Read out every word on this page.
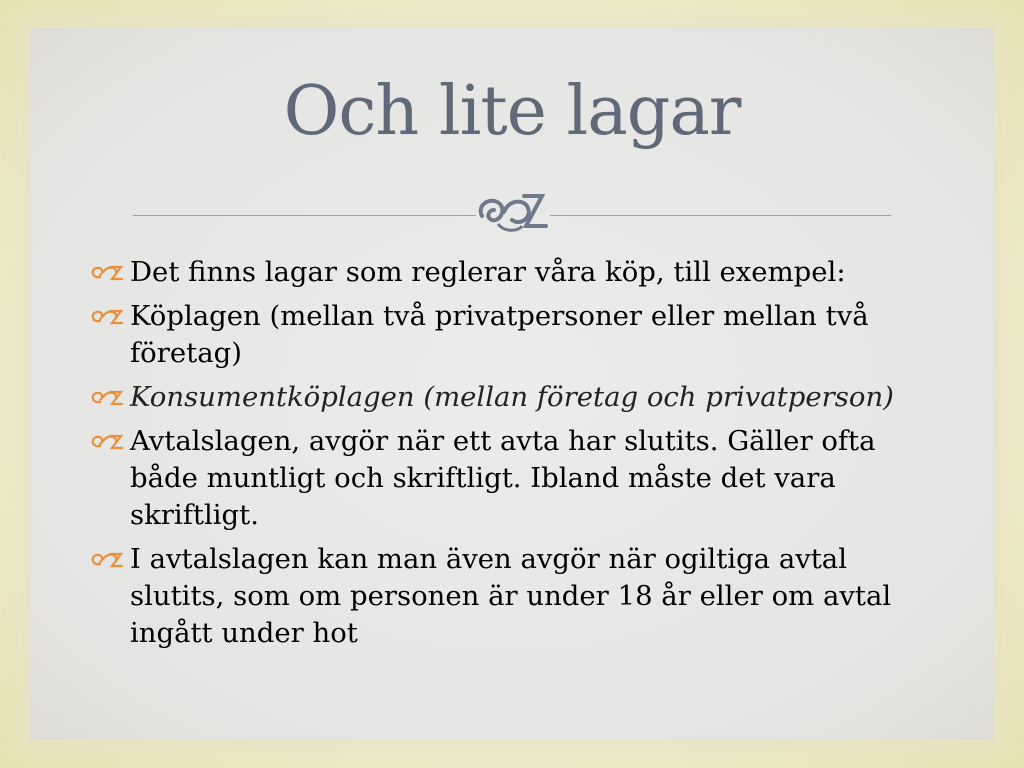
Och lite lagar
Det finns lagar som reglerar våra köp, till exempel:
Köplagen (mellan två privatpersoner eller mellan två företag)
Konsumentköplagen (mellan företag och privatperson)
Avtalslagen, avgör när ett avta har slutits. Gäller ofta både muntligt och skriftligt. Ibland måste det vara skriftligt.
I avtalslagen kan man även avgör när ogiltiga avtal slutits, som om personen är under 18 år eller om avtal ingått under hot
